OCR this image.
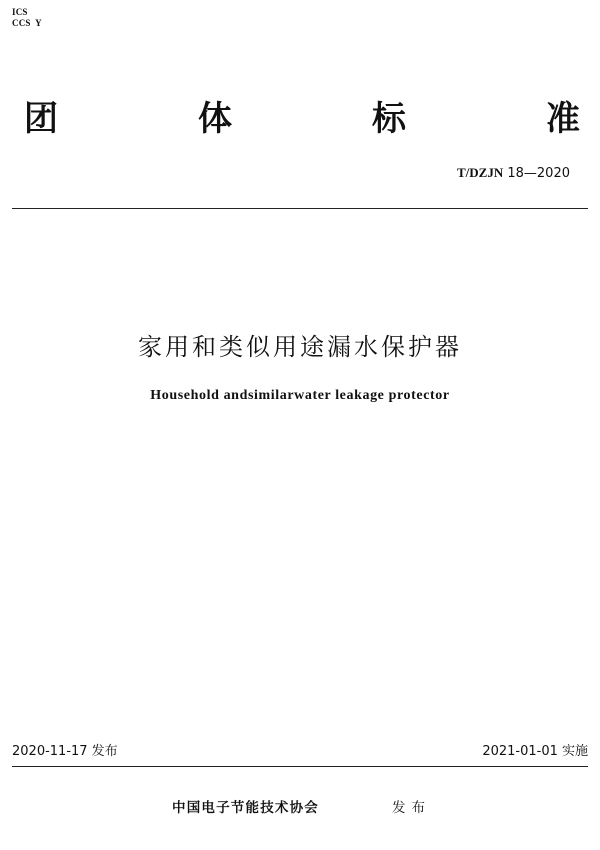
ICS
CCS  Y
团	体	标	准
T/DZJN 18—2020
家用和类似用途漏水保护器
Household andsimilarwater leakage protector
2020-11-17 发布	2021-01-01 实施
中国电子节能技术协会	发布
